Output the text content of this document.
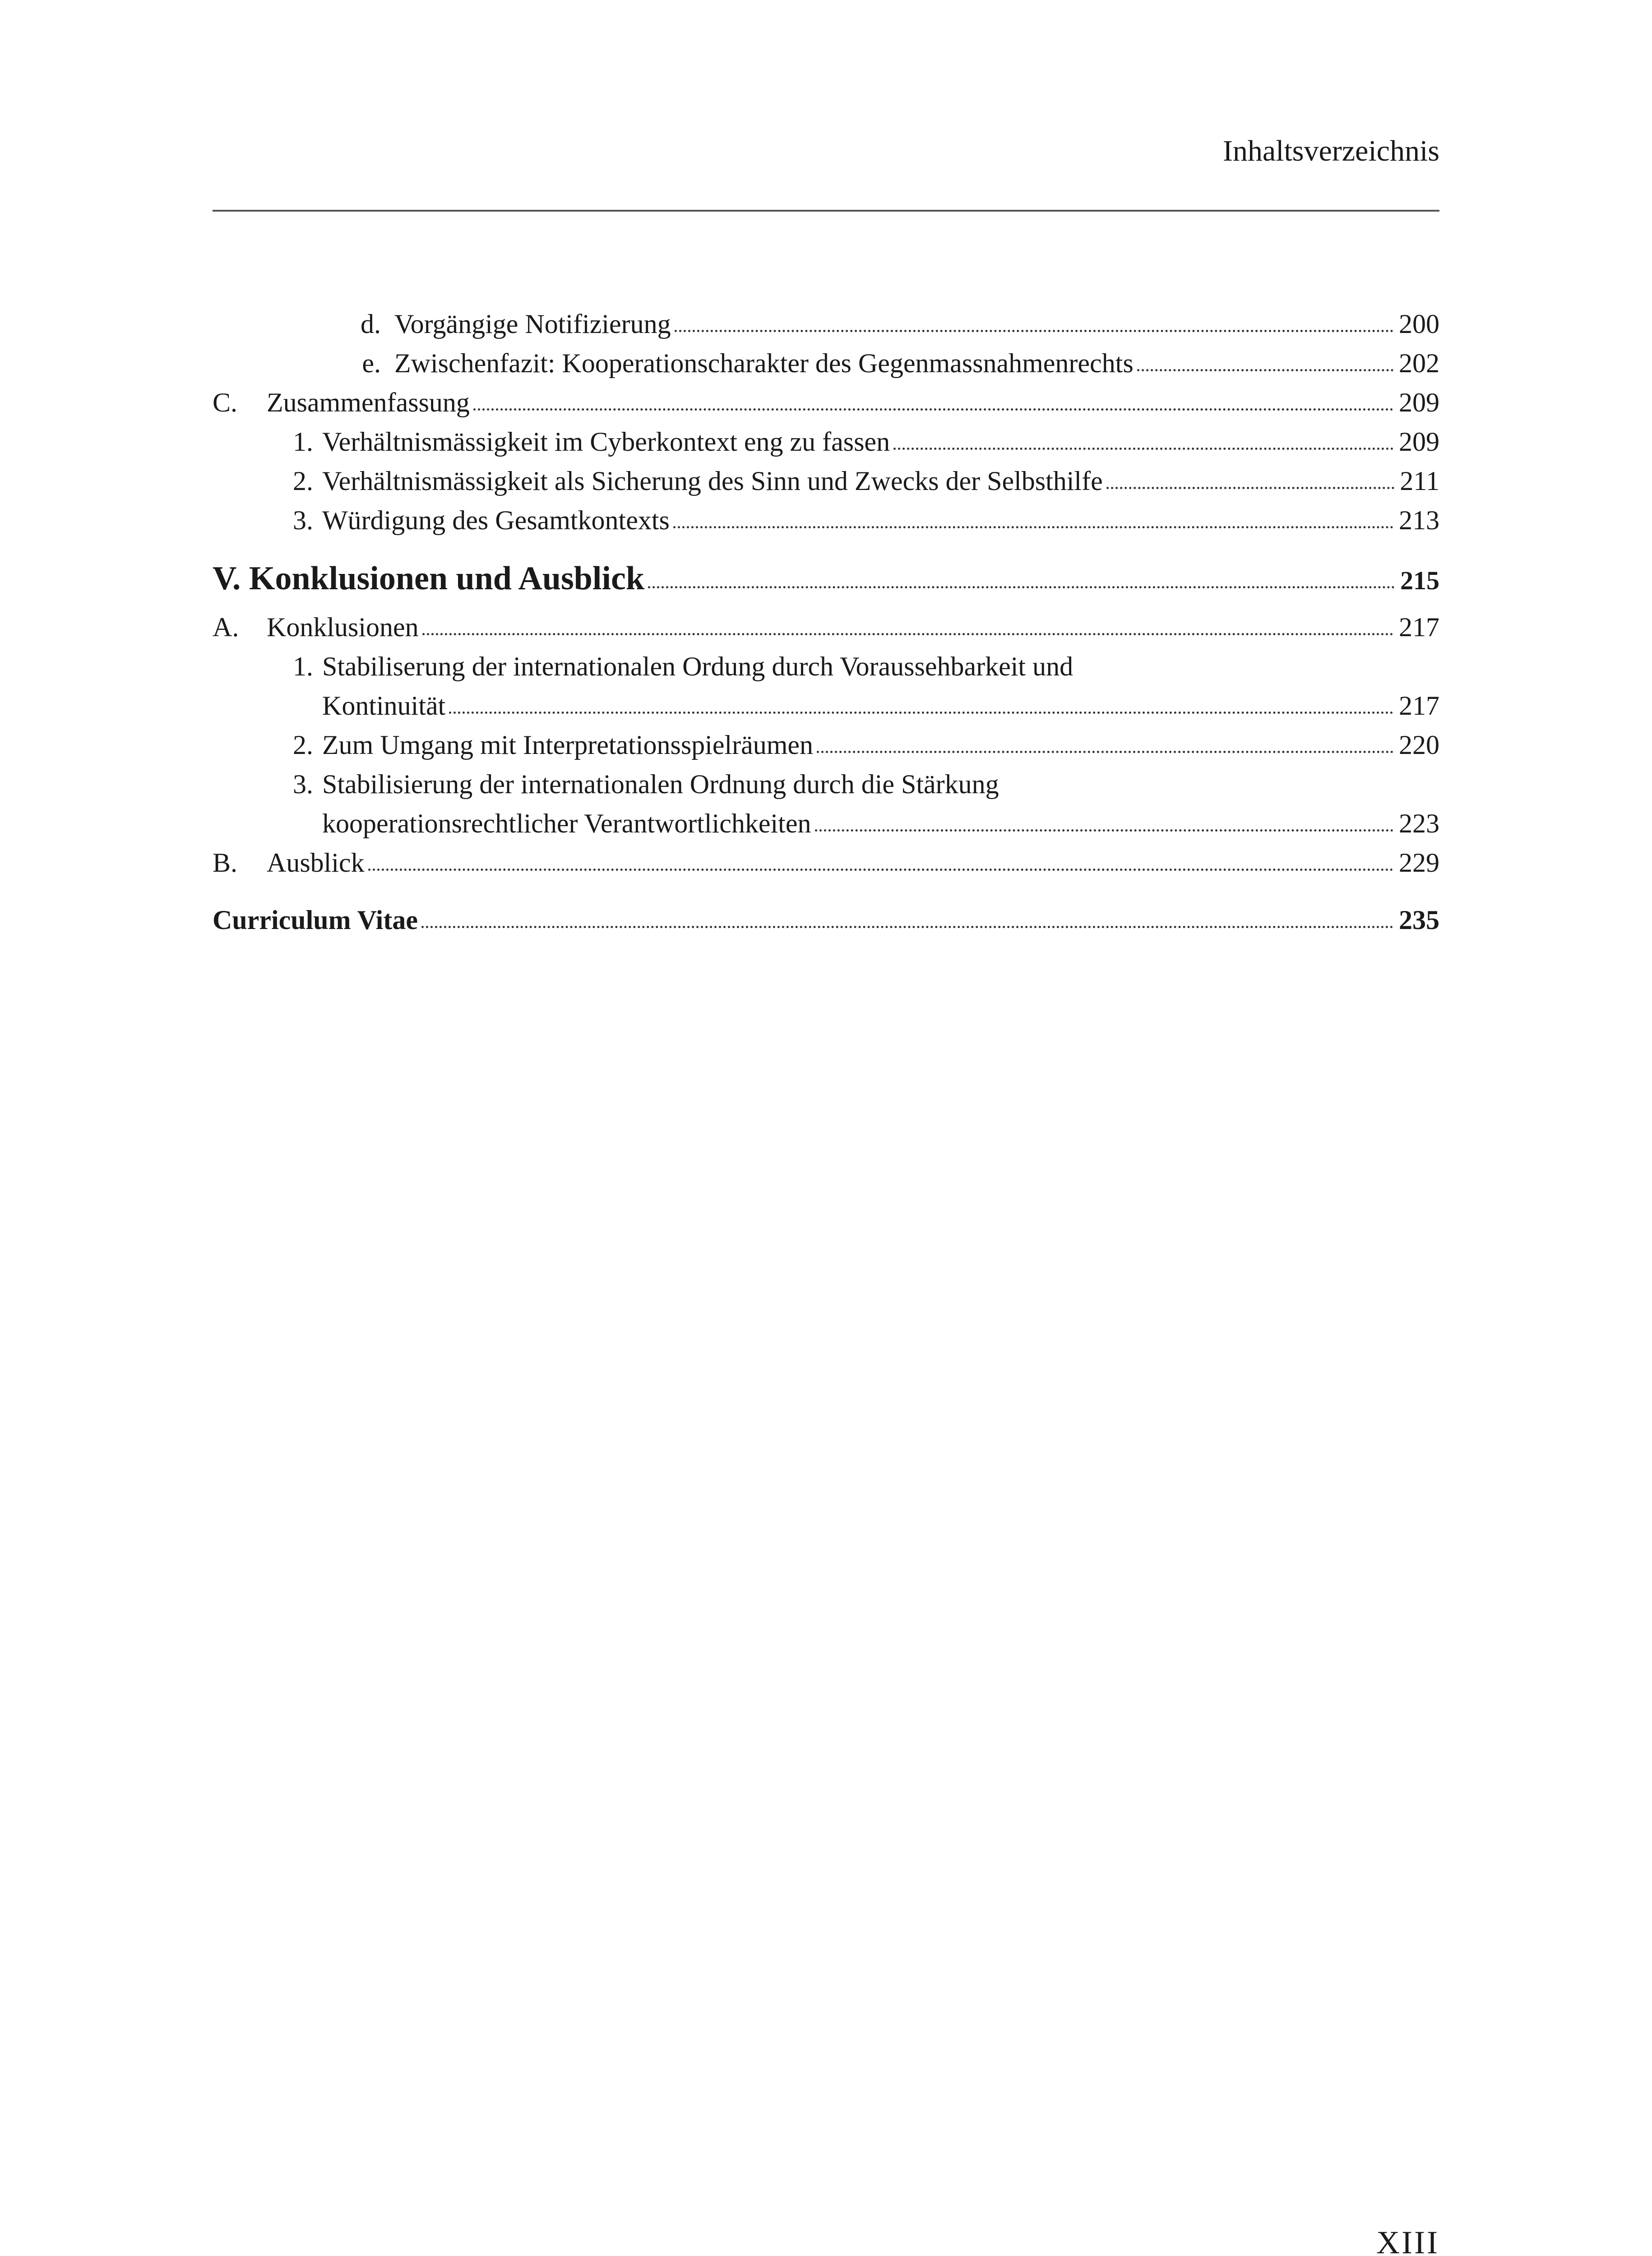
Inhaltsverzeichnis
d. Vorgängige Notifizierung	200
e. Zwischenfazit: Kooperationscharakter des Gegenmassnahmenrechts	202
C.	Zusammenfassung	209
1. Verhältnismässigkeit im Cyberkontext eng zu fassen	209
2. Verhältnismässigkeit als Sicherung des Sinn und Zwecks der Selbsthilfe	211
3. Würdigung des Gesamtkontexts	213
V. Konklusionen und Ausblick	215
A.	Konklusionen	217
1. Stabiliserung der internationalen Ordung durch Voraussehbarkeit und
Kontinuität	217
2. Zum Umgang mit Interpretationsspielräumen	220
3. Stabilisierung der internationalen Ordnung durch die Stärkung
kooperationsrechtlicher Verantwortlichkeiten	223
B.	Ausblick	229
Curriculum Vitae	235
XIII
